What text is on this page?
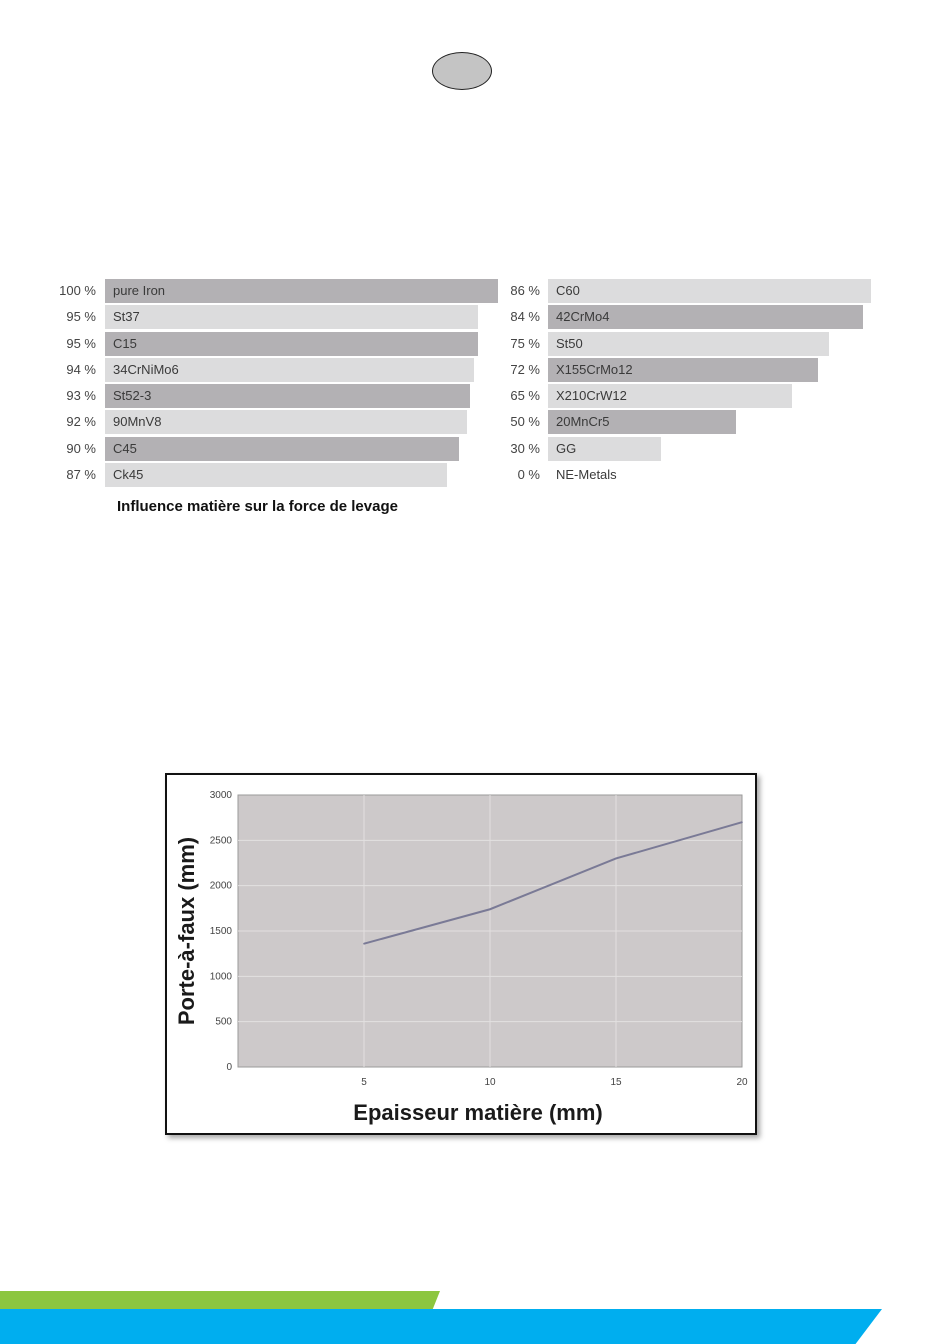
100 % pure Iron
95 % St37
95 % C15
94 % 34CrNiMo6
93 % St52-3
92 % 90MnV8
90 % C45
87 % Ck45
86 % C60
84 % 42CrMo4
75 % St50
72 % X155CrMo12
65 % X210CrW12
50 % 20MnCr5
30 % GG
0 % NE-Metals
Influence matière sur la force de levage
0
500
1000
1500
2000
2500
3000
5	10	15	20
Epaisseur matière (mm)
Porte-à-faux (mm)
